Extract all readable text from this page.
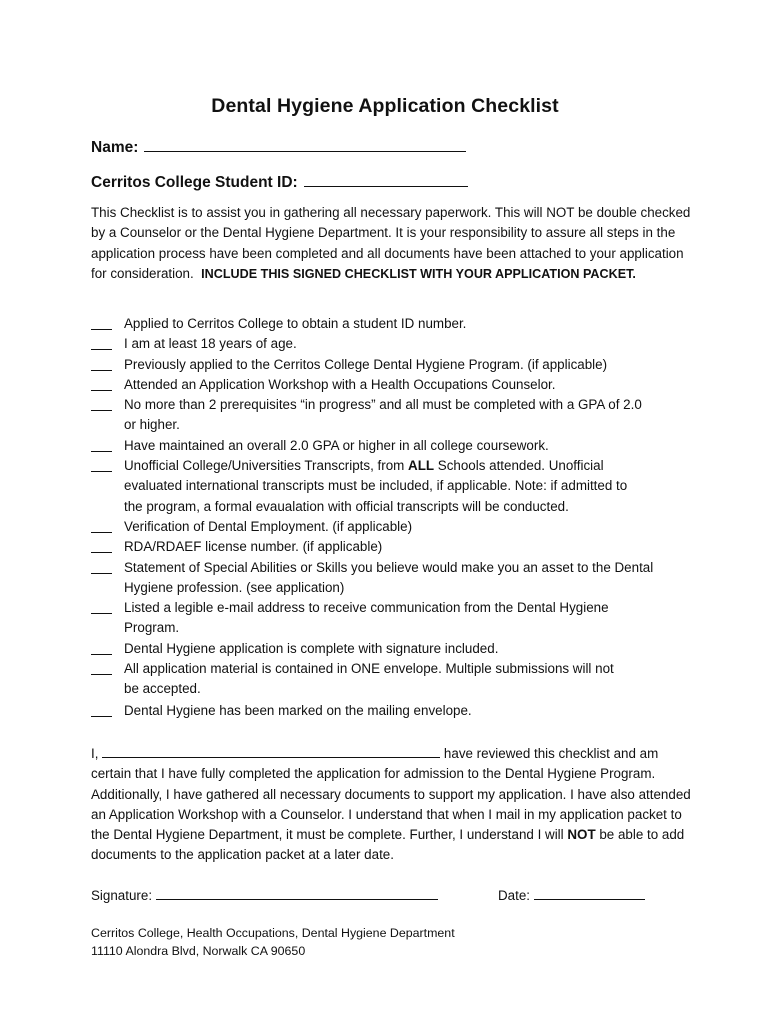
Dental Hygiene Application Checklist
Name:
Cerritos College Student ID:
This Checklist is to assist you in gathering all necessary paperwork. This will NOT be double checked by a Counselor or the Dental Hygiene Department. It is your responsibility to assure all steps in the application process have been completed and all documents have been attached to your application for consideration. INCLUDE THIS SIGNED CHECKLIST WITH YOUR APPLICATION PACKET.
Applied to Cerritos College to obtain a student ID number.
I am at least 18 years of age.
Previously applied to the Cerritos College Dental Hygiene Program. (if applicable)
Attended an Application Workshop with a Health Occupations Counselor.
No more than 2 prerequisites “in progress” and all must be completed with a GPA of 2.0
or higher.
Have maintained an overall 2.0 GPA or higher in all college coursework.
Unofficial College/Universities Transcripts, from ALL Schools attended. Unofficial
evaluated international transcripts must be included, if applicable. Note: if admitted to
the program, a formal evaualation with official transcripts will be conducted.
Verification of Dental Employment. (if applicable)
RDA/RDAEF license number. (if applicable)
Statement of Special Abilities or Skills you believe would make you an asset to the Dental
Hygiene profession. (see application)
Listed a legible e-mail address to receive communication from the Dental Hygiene
Program.
Dental Hygiene application is complete with signature included.
All application material is contained in ONE envelope. Multiple submissions will not
be accepted.
Dental Hygiene has been marked on the mailing envelope.
I,	have reviewed this checklist and am certain that I have fully completed the application for admission to the Dental Hygiene Program. Additionally, I have gathered all necessary documents to support my application. I have also attended an Application Workshop with a Counselor. I understand that when I mail in my application packet to the Dental Hygiene Department, it must be complete. Further, I understand I will NOT be able to add documents to the application packet at a later date.
Signature:	Date:
Cerritos College, Health Occupations, Dental Hygiene Department
11110 Alondra Blvd, Norwalk CA 90650
